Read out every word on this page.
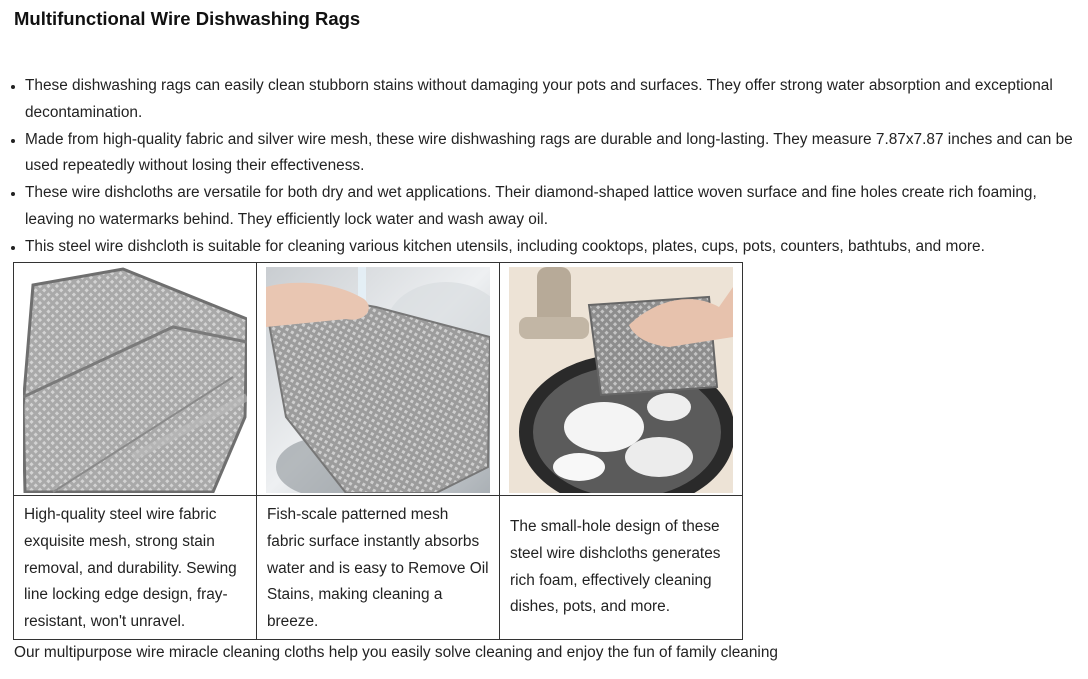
Multifunctional Wire Dishwashing Rags
These dishwashing rags can easily clean stubborn stains without damaging your pots and surfaces. They offer strong water absorption and exceptional decontamination.
Made from high-quality fabric and silver wire mesh, these wire dishwashing rags are durable and long-lasting. They measure 7.87x7.87 inches and can be used repeatedly without losing their effectiveness.
These wire dishcloths are versatile for both dry and wet applications. Their diamond-shaped lattice woven surface and fine holes create rich foaming, leaving no watermarks behind. They efficiently lock water and wash away oil.
This steel wire dishcloth is suitable for cleaning various kitchen utensils, including cooktops, plates, cups, pots, counters, bathtubs, and more.

High-quality steel wire fabric exquisite mesh, strong stain removal, and durability. Sewing line locking edge design, fray-resistant, won't unravel.	Fish-scale patterned mesh fabric surface instantly absorbs water and is easy to Remove Oil Stains, making cleaning a breeze.	The small-hole design of these steel wire dishcloths generates rich foam, effectively cleaning dishes, pots, and more.

Our multipurpose wire miracle cleaning cloths help you easily solve cleaning and enjoy the fun of family cleaning
